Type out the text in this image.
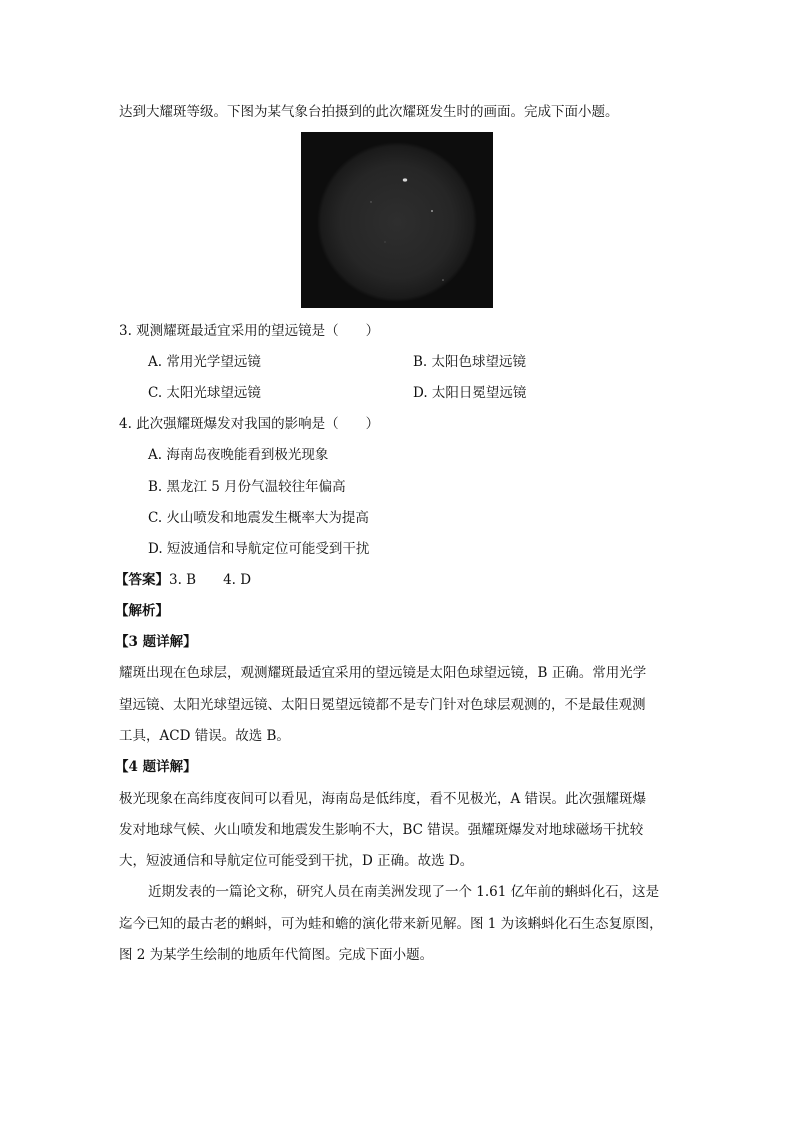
达到大耀斑等级。下图为某气象台拍摄到的此次耀斑发生时的画面。完成下面小题。
3. 观测耀斑最适宜采用的望远镜是（　　）
A. 常用光学望远镜	B. 太阳色球望远镜
C. 太阳光球望远镜	D. 太阳日冕望远镜
4. 此次强耀斑爆发对我国的影响是（　　）
A. 海南岛夜晚能看到极光现象
B. 黑龙江 5 月份气温较往年偏高
C. 火山喷发和地震发生概率大为提高
D. 短波通信和导航定位可能受到干扰
【答案】3. B　　4. D
【解析】
【3 题详解】
耀斑出现在色球层，观测耀斑最适宜采用的望远镜是太阳色球望远镜，B 正确。常用光学
望远镜、太阳光球望远镜、太阳日冕望远镜都不是专门针对色球层观测的，不是最佳观测
工具，ACD 错误。故选 B。
【4 题详解】
极光现象在高纬度夜间可以看见，海南岛是低纬度，看不见极光，A 错误。此次强耀斑爆
发对地球气候、火山喷发和地震发生影响不大，BC 错误。强耀斑爆发对地球磁场干扰较
大，短波通信和导航定位可能受到干扰，D 正确。故选 D。
近期发表的一篇论文称，研究人员在南美洲发现了一个 1.61 亿年前的蝌蚪化石，这是
迄今已知的最古老的蝌蚪，可为蛙和蟾的演化带来新见解。图 1 为该蝌蚪化石生态复原图，
图 2 为某学生绘制的地质年代简图。完成下面小题。
